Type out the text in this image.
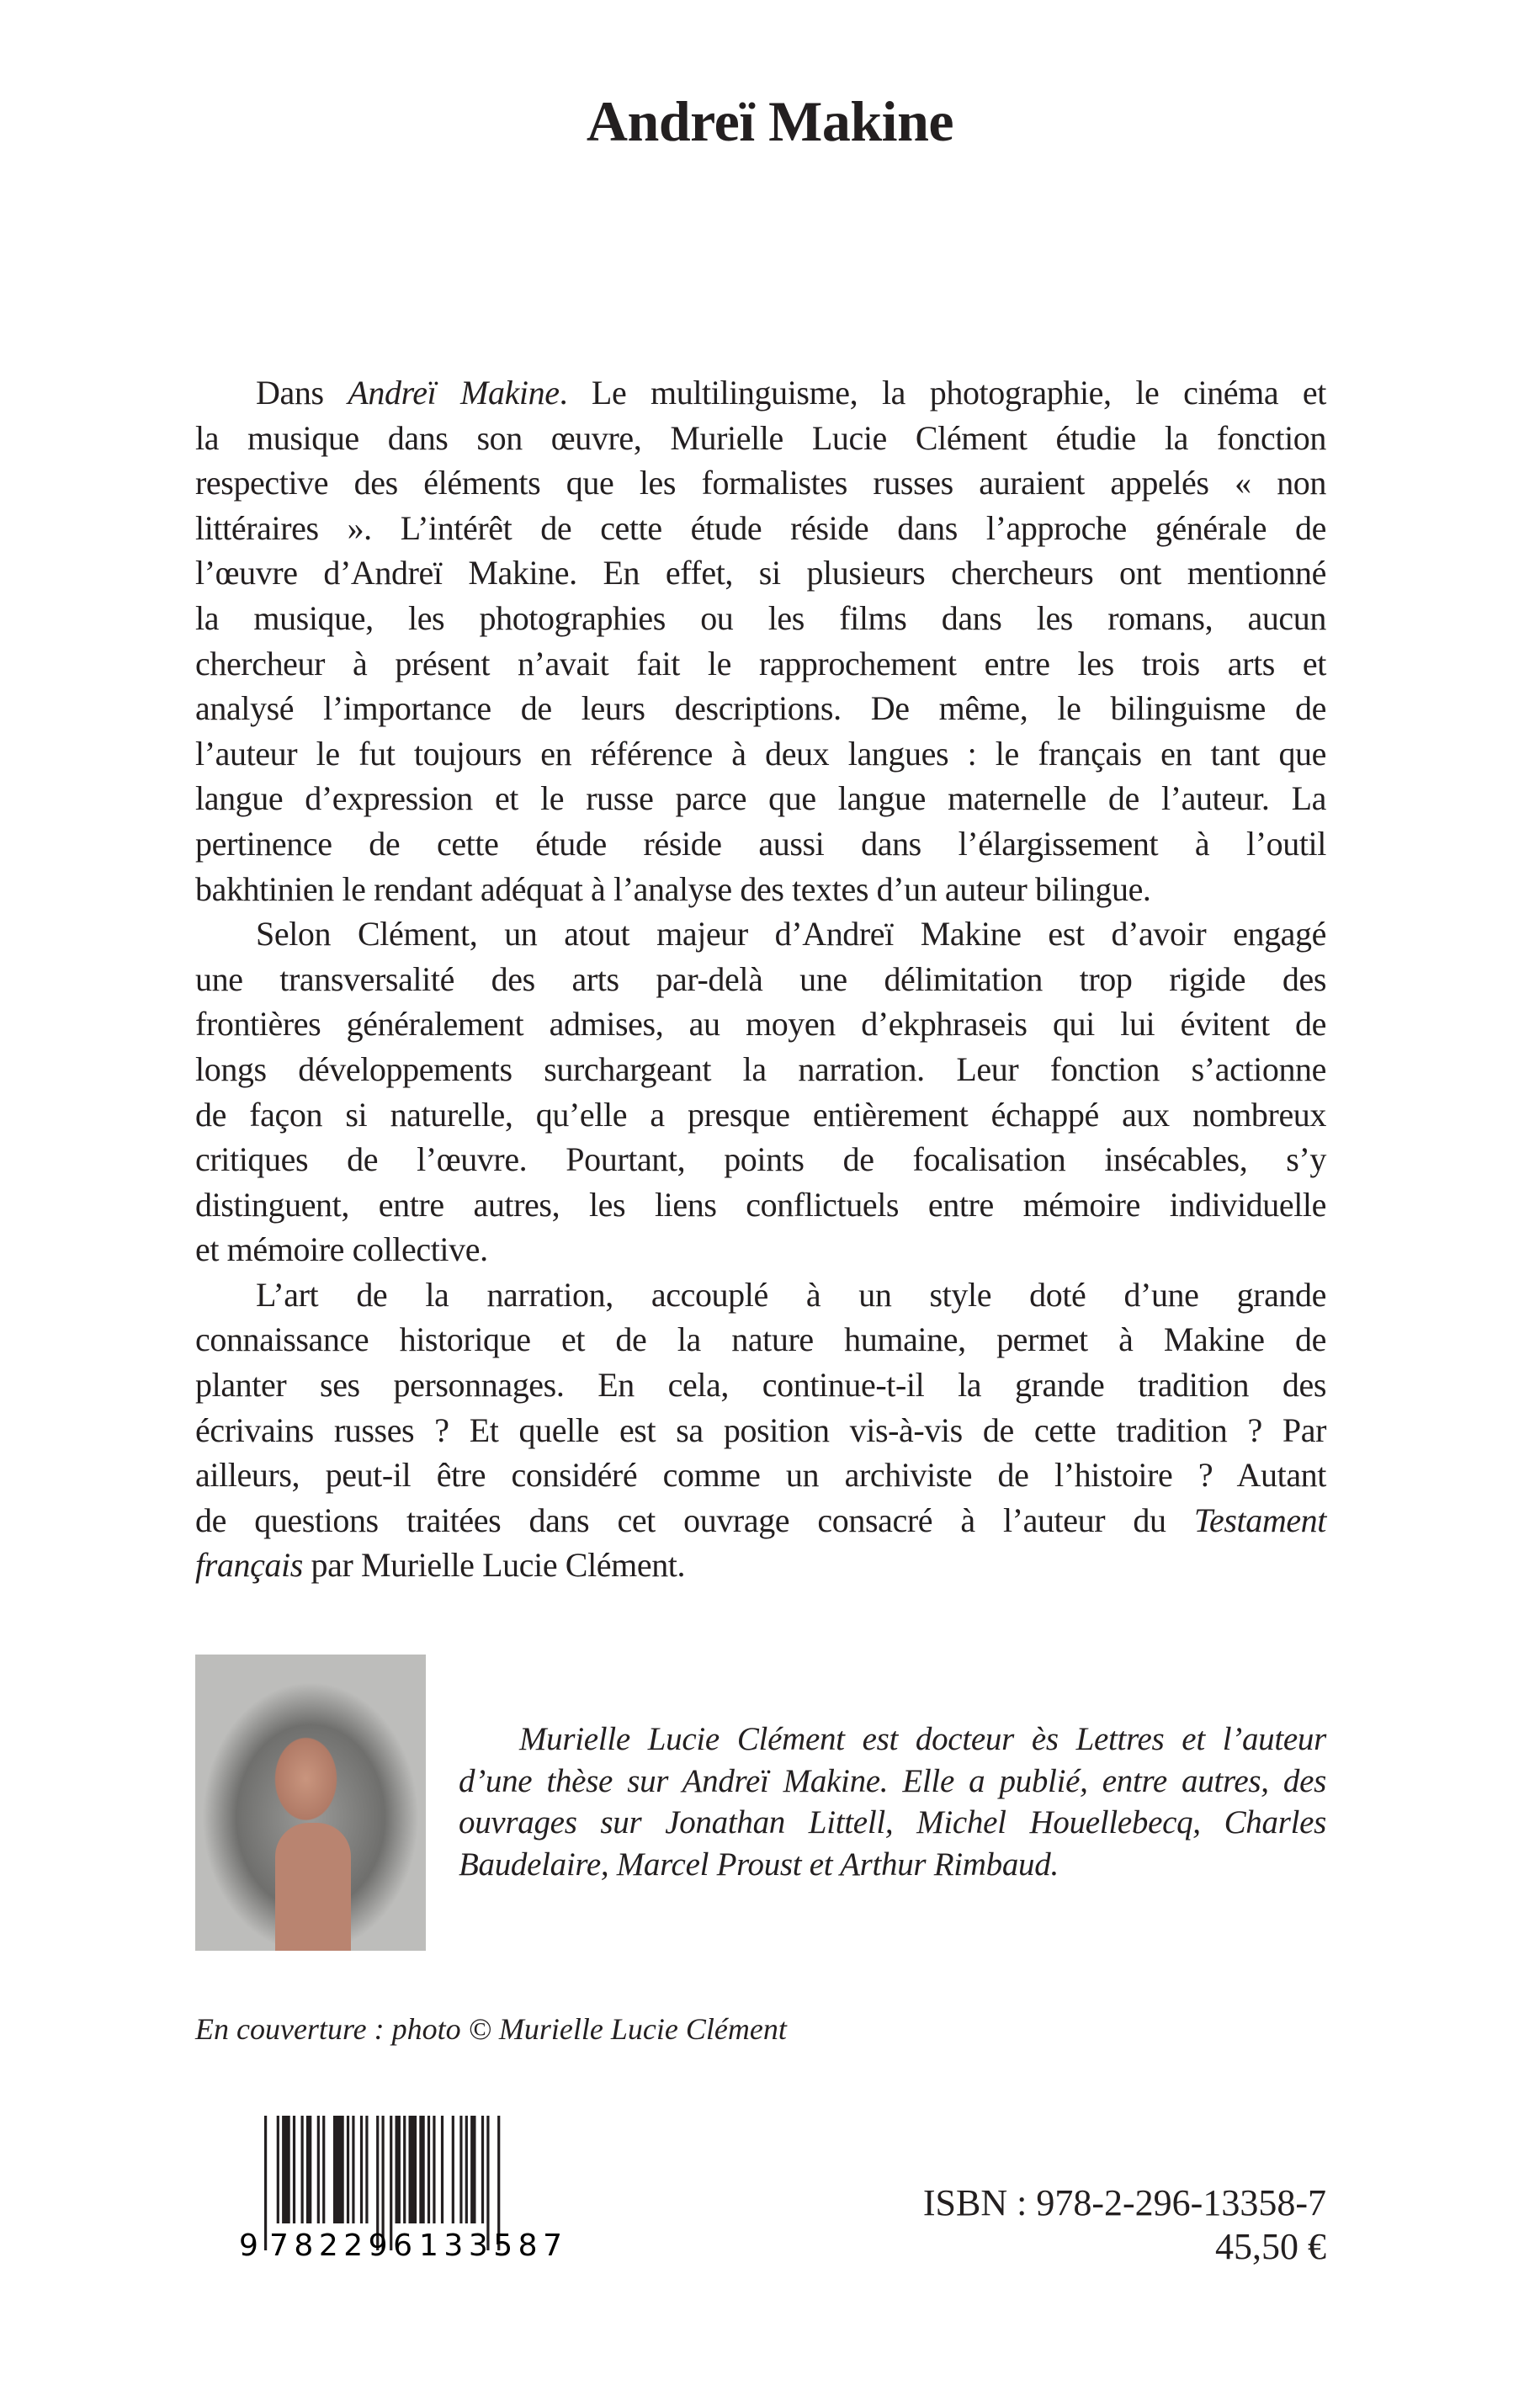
Andreï Makine
Dans Andreï Makine. Le multilinguisme, la photographie, le cinéma et
la musique dans son œuvre, Murielle Lucie Clément étudie la fonction
respective des éléments que les formalistes russes auraient appelés « non
littéraires ». L’intérêt de cette étude réside dans l’approche générale de
l’œuvre d’Andreï Makine. En effet, si plusieurs chercheurs ont mentionné
la musique, les photographies ou les films dans les romans, aucun
chercheur à présent n’avait fait le rapprochement entre les trois arts et
analysé l’importance de leurs descriptions. De même, le bilinguisme de
l’auteur le fut toujours en référence à deux langues : le français en tant que
langue d’expression et le russe parce que langue maternelle de l’auteur. La
pertinence de cette étude réside aussi dans l’élargissement à l’outil
bakhtinien le rendant adéquat à l’analyse des textes d’un auteur bilingue.
Selon Clément, un atout majeur d’Andreï Makine est d’avoir engagé
une transversalité des arts par-delà une délimitation trop rigide des
frontières généralement admises, au moyen d’ekphraseis qui lui évitent de
longs développements surchargeant la narration. Leur fonction s’actionne
de façon si naturelle, qu’elle a presque entièrement échappé aux nombreux
critiques de l’œuvre. Pourtant, points de focalisation insécables, s’y
distinguent, entre autres, les liens conflictuels entre mémoire individuelle
et mémoire collective.
L’art de la narration, accouplé à un style doté d’une grande
connaissance historique et de la nature humaine, permet à Makine de
planter ses personnages. En cela, continue-t-il la grande tradition des
écrivains russes ? Et quelle est sa position vis-à-vis de cette tradition ? Par
ailleurs, peut-il être considéré comme un archiviste de l’histoire ? Autant
de questions traitées dans cet ouvrage consacré à l’auteur du Testament
français par Murielle Lucie Clément.
Murielle Lucie Clément est docteur ès Lettres et l’auteur
d’une thèse sur Andreï Makine. Elle a publié, entre autres, des
ouvrages sur Jonathan Littell, Michel Houellebecq, Charles
Baudelaire, Marcel Proust et Arthur Rimbaud.
En couverture : photo © Murielle Lucie Clément
9 782296 133587
ISBN : 978-2-296-13358-7
45,50 €
